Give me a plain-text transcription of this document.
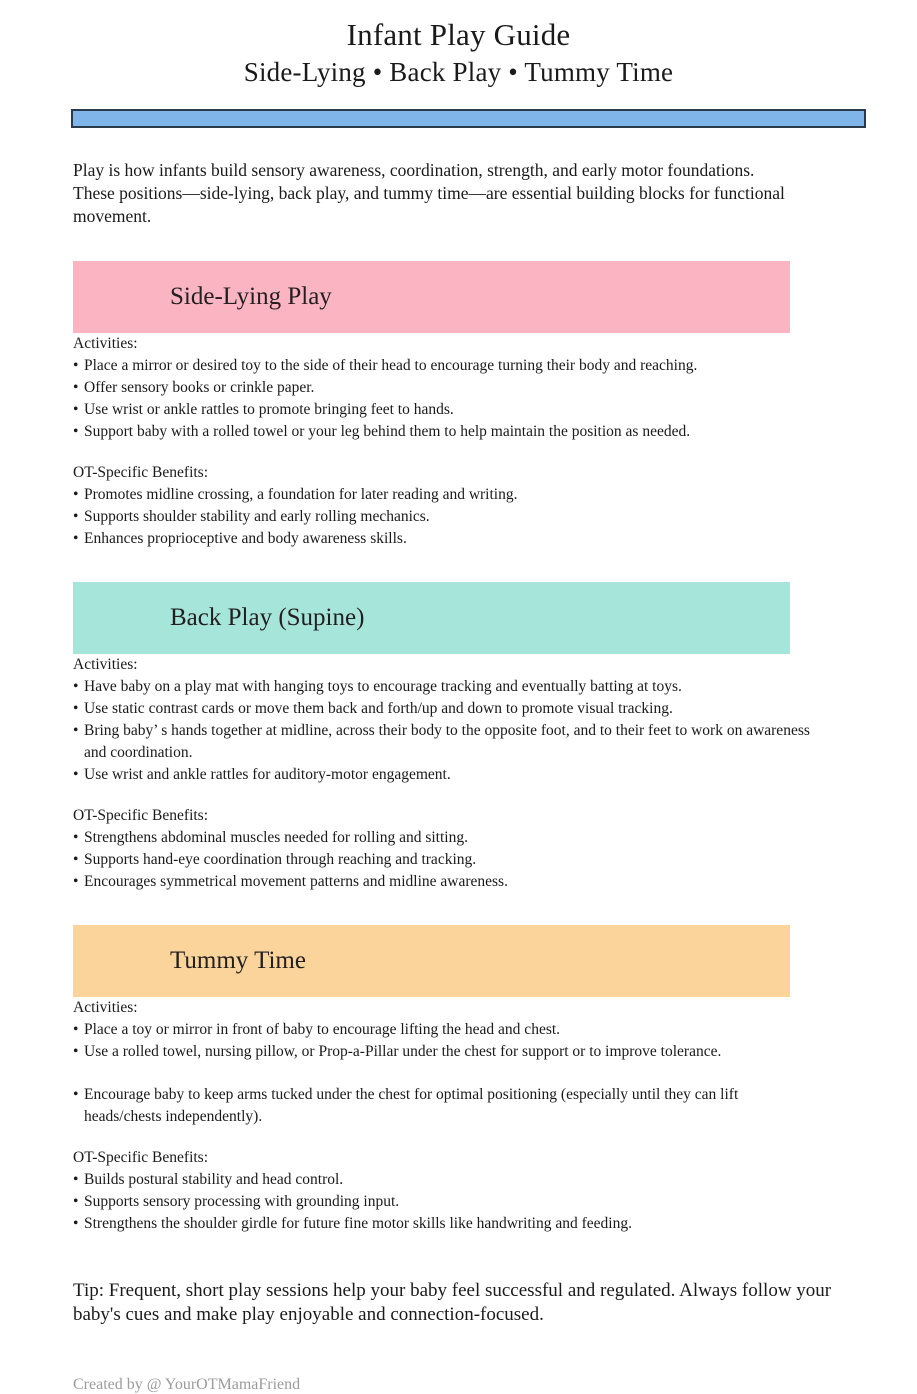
Infant Play Guide
Side-Lying • Back Play • Tummy Time

Play is how infants build sensory awareness, coordination, strength, and early motor foundations. These positions—side-lying, back play, and tummy time—are essential building blocks for functional movement.

Side-Lying Play

Activities:

• Place a mirror or desired toy to the side of their head to encourage turning their body and reaching.
• Offer sensory books or crinkle paper.
• Use wrist or ankle rattles to promote bringing feet to hands.
• Support baby with a rolled towel or your leg behind them to help maintain the position as needed.

OT-Specific Benefits:

• Promotes midline crossing, a foundation for later reading and writing.
• Supports shoulder stability and early rolling mechanics.
• Enhances proprioceptive and body awareness skills.
Back Play (Supine)

Activities:

• Have baby on a play mat with hanging toys to encourage tracking and eventually batting at toys.
• Use static contrast cards or move them back and forth/up and down to promote visual tracking.
• Bring baby’ s hands together at midline, across their body to the opposite foot, and to their feet to work on awareness and coordination.
• Use wrist and ankle rattles for auditory-motor engagement.

OT-Specific Benefits:

• Strengthens abdominal muscles needed for rolling and sitting.
• Supports hand-eye coordination through reaching and tracking.
• Encourages symmetrical movement patterns and midline awareness.
Tummy Time

Activities:

• Place a toy or mirror in front of baby to encourage lifting the head and chest.
• Use a rolled towel, nursing pillow, or Prop-a-Pillar under the chest for support or to improve tolerance.
• Encourage baby to keep arms tucked under the chest for optimal positioning (especially until they can lift heads/chests independently).

OT-Specific Benefits:

• Builds postural stability and head control.
• Supports sensory processing with grounding input.
• Strengthens the shoulder girdle for future fine motor skills like handwriting and feeding.

Tip: Frequent, short play sessions help your baby feel successful and regulated. Always follow your baby's cues and make play enjoyable and connection-focused.

Created by @ YourOTMamaFriend
